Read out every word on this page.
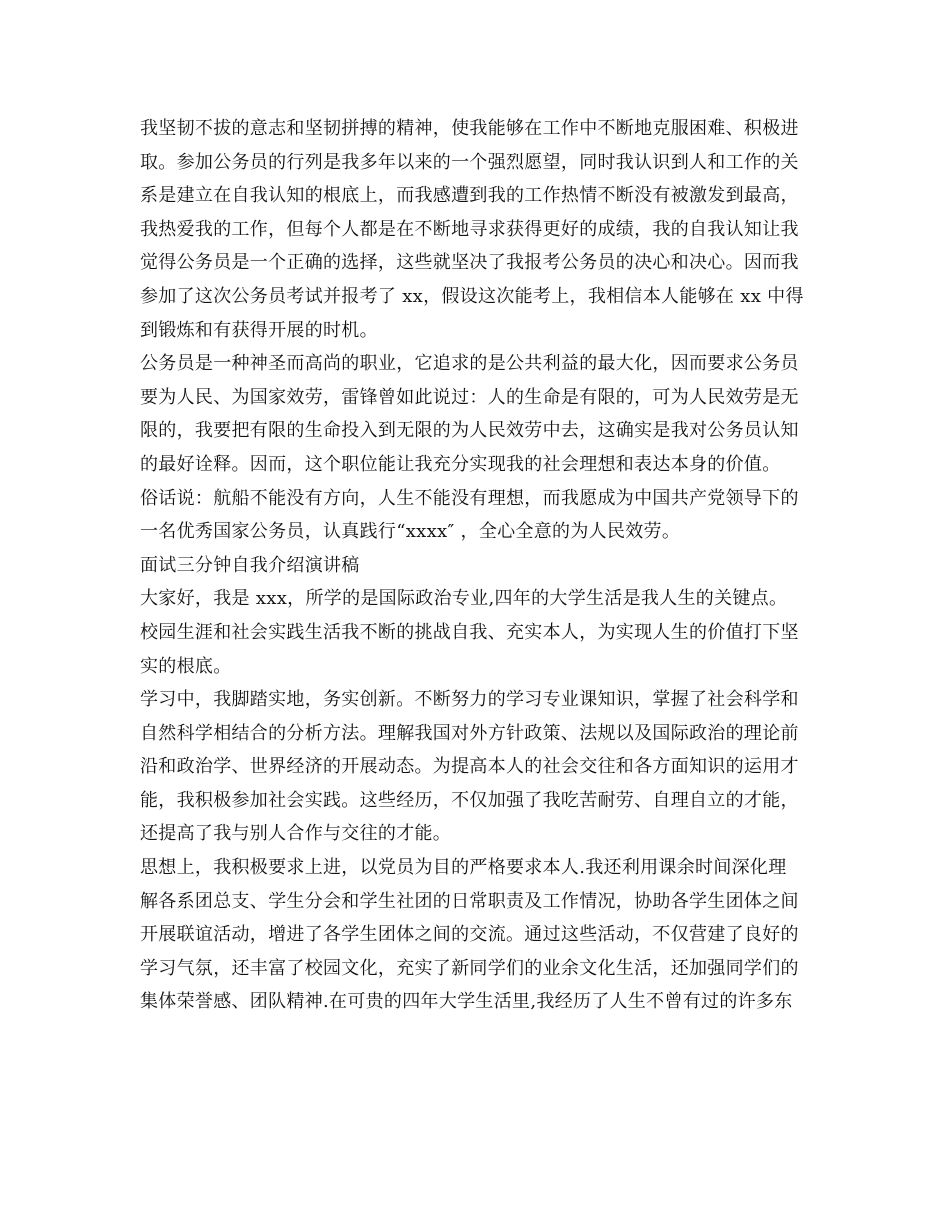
我坚韧不拔的意志和坚韧拼搏的精神，使我能够在工作中不断地克服困难、积极进

取。参加公务员的行列是我多年以来的一个强烈愿望，同时我认识到人和工作的关

系是建立在自我认知的根底上，而我感遭到我的工作热情不断没有被激发到最高，

我热爱我的工作，但每个人都是在不断地寻求获得更好的成绩，我的自我认知让我

觉得公务员是一个正确的选择，这些就坚决了我报考公务员的决心和决心。因而我

参加了这次公务员考试并报考了 xx，假设这次能考上，我相信本人能够在 xx 中得

到锻炼和有获得开展的时机。

公务员是一种神圣而高尚的职业，它追求的是公共利益的最大化，因而要求公务员

要为人民、为国家效劳，雷锋曾如此说过：人的生命是有限的，可为人民效劳是无

限的，我要把有限的生命投入到无限的为人民效劳中去，这确实是我对公务员认知

的最好诠释。因而，这个职位能让我充分实现我的社会理想和表达本身的价值。

俗话说：航船不能没有方向，人生不能没有理想，而我愿成为中国共产党领导下的

一名优秀国家公务员，认真践行“xxxx″ ，全心全意的为人民效劳。

面试三分钟自我介绍演讲稿

大家好，我是 xxx，所学的是国际政治专业,四年的大学生活是我人生的关键点。

校园生涯和社会实践生活我不断的挑战自我、充实本人，为实现人生的价值打下坚

实的根底。

学习中，我脚踏实地，务实创新。不断努力的学习专业课知识，掌握了社会科学和

自然科学相结合的分析方法。理解我国对外方针政策、法规以及国际政治的理论前

沿和政治学、世界经济的开展动态。为提高本人的社会交往和各方面知识的运用才

能，我积极参加社会实践。这些经历，不仅加强了我吃苦耐劳、自理自立的才能，

还提高了我与别人合作与交往的才能。

思想上，我积极要求上进，以党员为目的严格要求本人.我还利用课余时间深化理

解各系团总支、学生分会和学生社团的日常职责及工作情况，协助各学生团体之间

开展联谊活动，增进了各学生团体之间的交流。通过这些活动，不仅营建了良好的

学习气氛，还丰富了校园文化，充实了新同学们的业余文化生活，还加强同学们的

集体荣誉感、团队精神.在可贵的四年大学生活里,我经历了人生不曾有过的许多东
